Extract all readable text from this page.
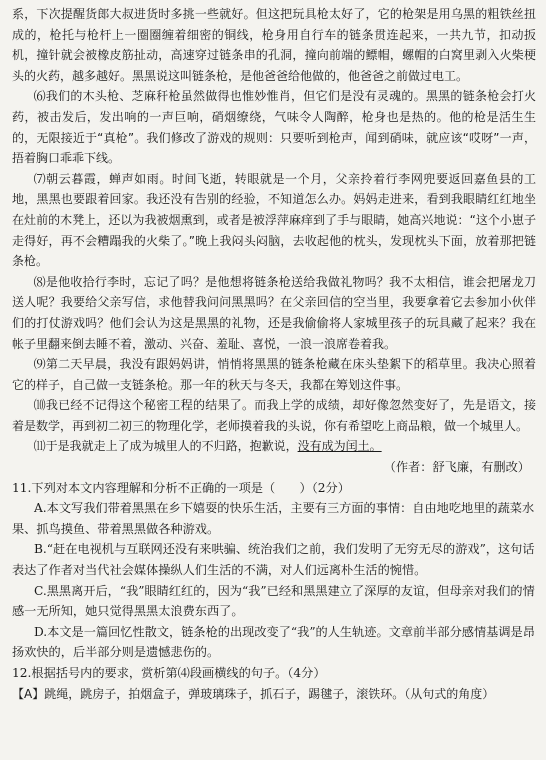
系，下次提醒货郎大叔进货时多挑一些就好。但这把玩具枪太好了，它的枪架是用乌黑的粗铁丝扭成的，枪托与枪杆上一圈圈缠着细密的铜线，枪身用自行车的链条贯连起来，一共九节，扣动扳机，撞针就会被橡皮筋扯动，高速穿过链条串的孔洞，撞向前端的鳔帽，螺帽的白窝里剥入火柴梗头的火药，越多越好。黑黑说这叫链条枪，是他爸爸给他做的，他爸爸之前做过电工。

⑹我们的木头枪、芝麻秆枪虽然做得也惟妙惟肖，但它们是没有灵魂的。黑黑的链条枪会打火药，被击发后，发出响的一声巨响，硝烟缭绕，气味令人陶醉，枪身也是热的。他的枪是活生生的，无限接近于“真枪”。我们修改了游戏的规则：只要听到枪声，闻到硝味，就应该“哎呀”一声，捂着胸口乖乖下线。

⑺朝云暮霞，蝉声如雨。时间飞逝，转眼就是一个月，父亲拎着行李网兜要返回嘉鱼县的工地，黑黑也要跟着回家。我还没有告别的经验，不知道怎么办。妈妈走进来，看到我眼睛红红地坐在灶前的木凳上，还以为我被烟熏到，或者是被浮萍麻痒到了手与眼睛，她高兴地说：“这个小崽子走得好，再不会糟蹋我的火柴了。”晚上我闷头闷脑，去收起他的枕头，发现枕头下面，放着那把链条枪。

⑻是他收拾行李时，忘记了吗？是他想将链条枪送给我做礼物吗？我不太相信，谁会把屠龙刀送人呢？我要给父亲写信，求他替我问问黑黑吗？在父亲回信的空当里，我要拿着它去参加小伙伴们的打仗游戏吗？他们会认为这是黑黑的礼物，还是我偷偷将人家城里孩子的玩具藏了起来？我在帐子里翻来倒去睡不着，激动、兴奋、羞耻、喜悦，一浪一浪席卷着我。

⑼第二天早晨，我没有跟妈妈讲，悄悄将黑黑的链条枪藏在床头垫絮下的稻草里。我决心照着它的样子，自己做一支链条枪。那一年的秋天与冬天，我都在筹划这件事。

⑽我已经不记得这个秘密工程的结果了。而我上学的成绩，却好像忽然变好了，先是语文，接着是数学，再到初二初三的物理化学，老师摸着我的头说，你有希望吃上商品粮，做一个城里人。

⑾于是我就走上了成为城里人的不归路，抱歉说，没有成为闰土。

（作者：舒飞廉，有删改）

11.下列对本文内容理解和分析不正确的一项是（　　）（2分）

A.本文写我们带着黑黑在乡下嬉耍的快乐生活，主要有三方面的事情：自由地吃地里的蔬菜水果、抓鸟摸鱼、带着黑黑做各种游戏。

B.“赶在电视机与互联网还没有来哄骗、统治我们之前，我们发明了无穷无尽的游戏”，这句话表达了作者对当代社会媒体操纵人们生活的不满，对人们远离朴生活的惋惜。

C.黑黑离开后，“我”眼睛红红的，因为“我”已经和黑黑建立了深厚的友谊，但母亲对我们的情感一无所知，她只觉得黑黑太浪费东西了。

D.本文是一篇回忆性散文，链条枪的出现改变了“我”的人生轨迹。文章前半部分感情基调是昂扬欢快的，后半部分则是遗憾悲伤的。

12.根据括号内的要求，赏析第⑷段画横线的句子。（4分）

【A】跳绳，跳房子，拍烟盒子，弹玻璃珠子，抓石子，踢毽子，滚铁环。（从句式的角度）
